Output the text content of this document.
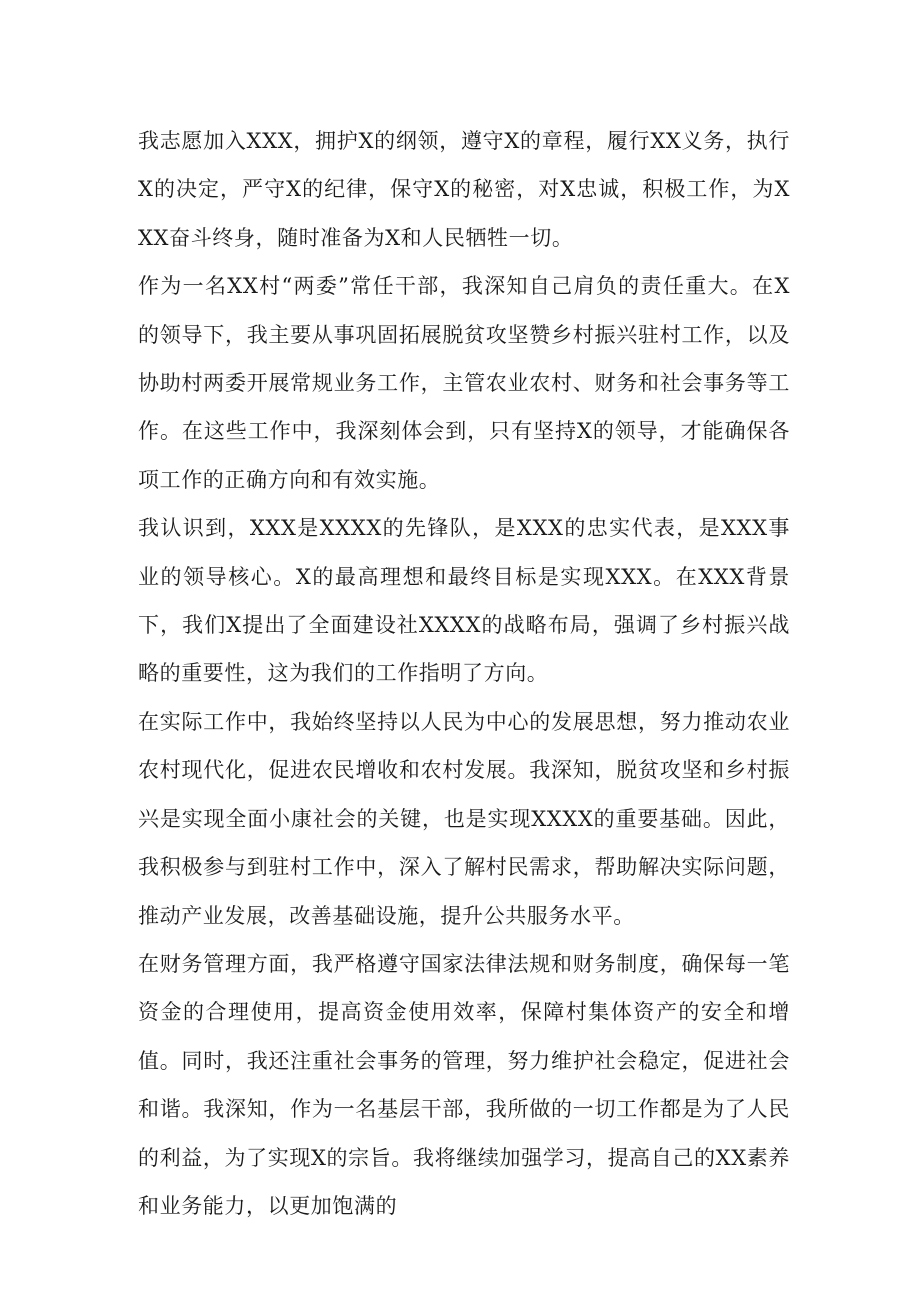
我志愿加入XXX，拥护X的纲领，遵守X的章程，履行XX义务，执行X的决定，严守X的纪律，保守X的秘密，对X忠诚，积极工作，为XXX奋斗终身，随时准备为X和人民牺牲一切。

作为一名XX村“两委”常任干部，我深知自己肩负的责任重大。在X的领导下，我主要从事巩固拓展脱贫攻坚赞乡村振兴驻村工作，以及协助村两委开展常规业务工作，主管农业农村、财务和社会事务等工作。在这些工作中，我深刻体会到，只有坚持X的领导，才能确保各项工作的正确方向和有效实施。

我认识到，XXX是XXXX的先锋队，是XXX的忠实代表，是XXX事业的领导核心。X的最高理想和最终目标是实现XXX。在XXX背景下，我们X提出了全面建设社XXXX的战略布局，强调了乡村振兴战略的重要性，这为我们的工作指明了方向。

在实际工作中，我始终坚持以人民为中心的发展思想，努力推动农业农村现代化，促进农民增收和农村发展。我深知，脱贫攻坚和乡村振兴是实现全面小康社会的关键，也是实现XXXX的重要基础。因此，我积极参与到驻村工作中，深入了解村民需求，帮助解决实际问题，推动产业发展，改善基础设施，提升公共服务水平。

在财务管理方面，我严格遵守国家法律法规和财务制度，确保每一笔资金的合理使用，提高资金使用效率，保障村集体资产的安全和增值。同时，我还注重社会事务的管理，努力维护社会稳定，促进社会和谐。我深知，作为一名基层干部，我所做的一切工作都是为了人民的利益，为了实现X的宗旨。我将继续加强学习，提高自己的XX素养和业务能力，以更加饱满的
